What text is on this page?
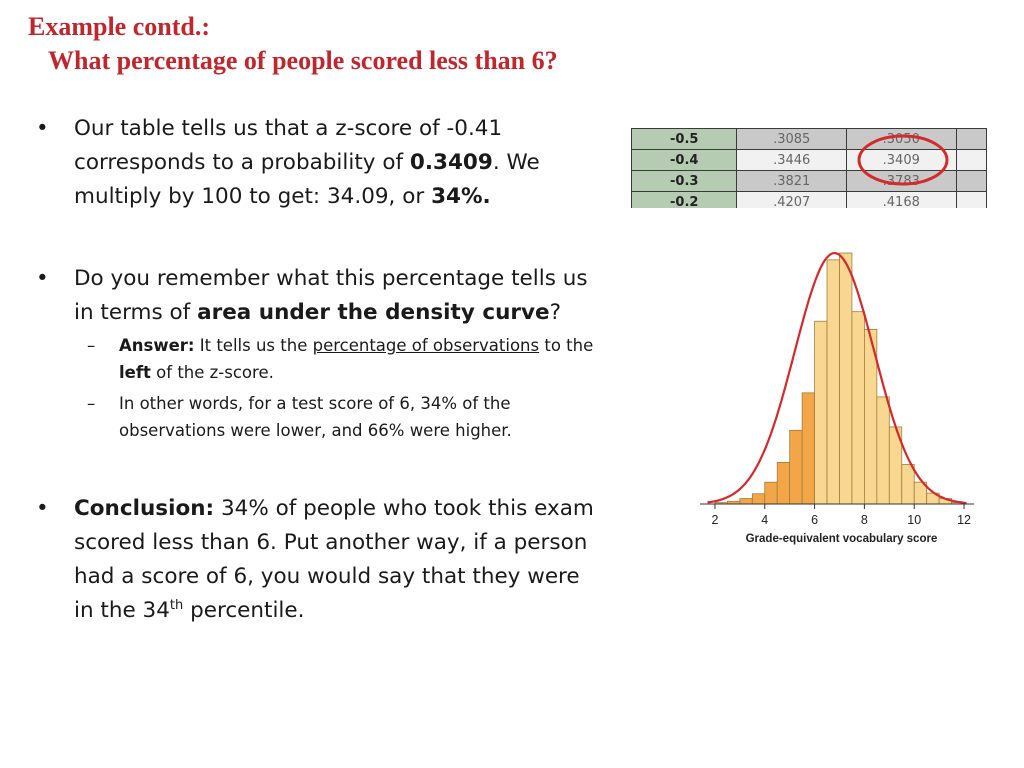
Example contd.:
What percentage of people scored less than 6?
• Our table tells us that a z-score of -0.41 corresponds to a probability of 0.3409. We multiply by 100 to get: 34.09, or 34%.
• Do you remember what this percentage tells us in terms of area under the density curve?
– Answer: It tells us the percentage of observations to the left of the z-score.
– In other words, for a test score of 6, 34% of the observations were lower, and 66% were higher.
• Conclusion: 34% of people who took this exam scored less than 6. Put another way, if a person had a score of 6, you would say that they were in the 34th percentile.
-0.5	.3085	.3050	
-0.4	.3446	.3409	
-0.3	.3821	.3783	
-0.2	.4207	.4168	
2	4	6	8	10	12
Grade-equivalent vocabulary score
